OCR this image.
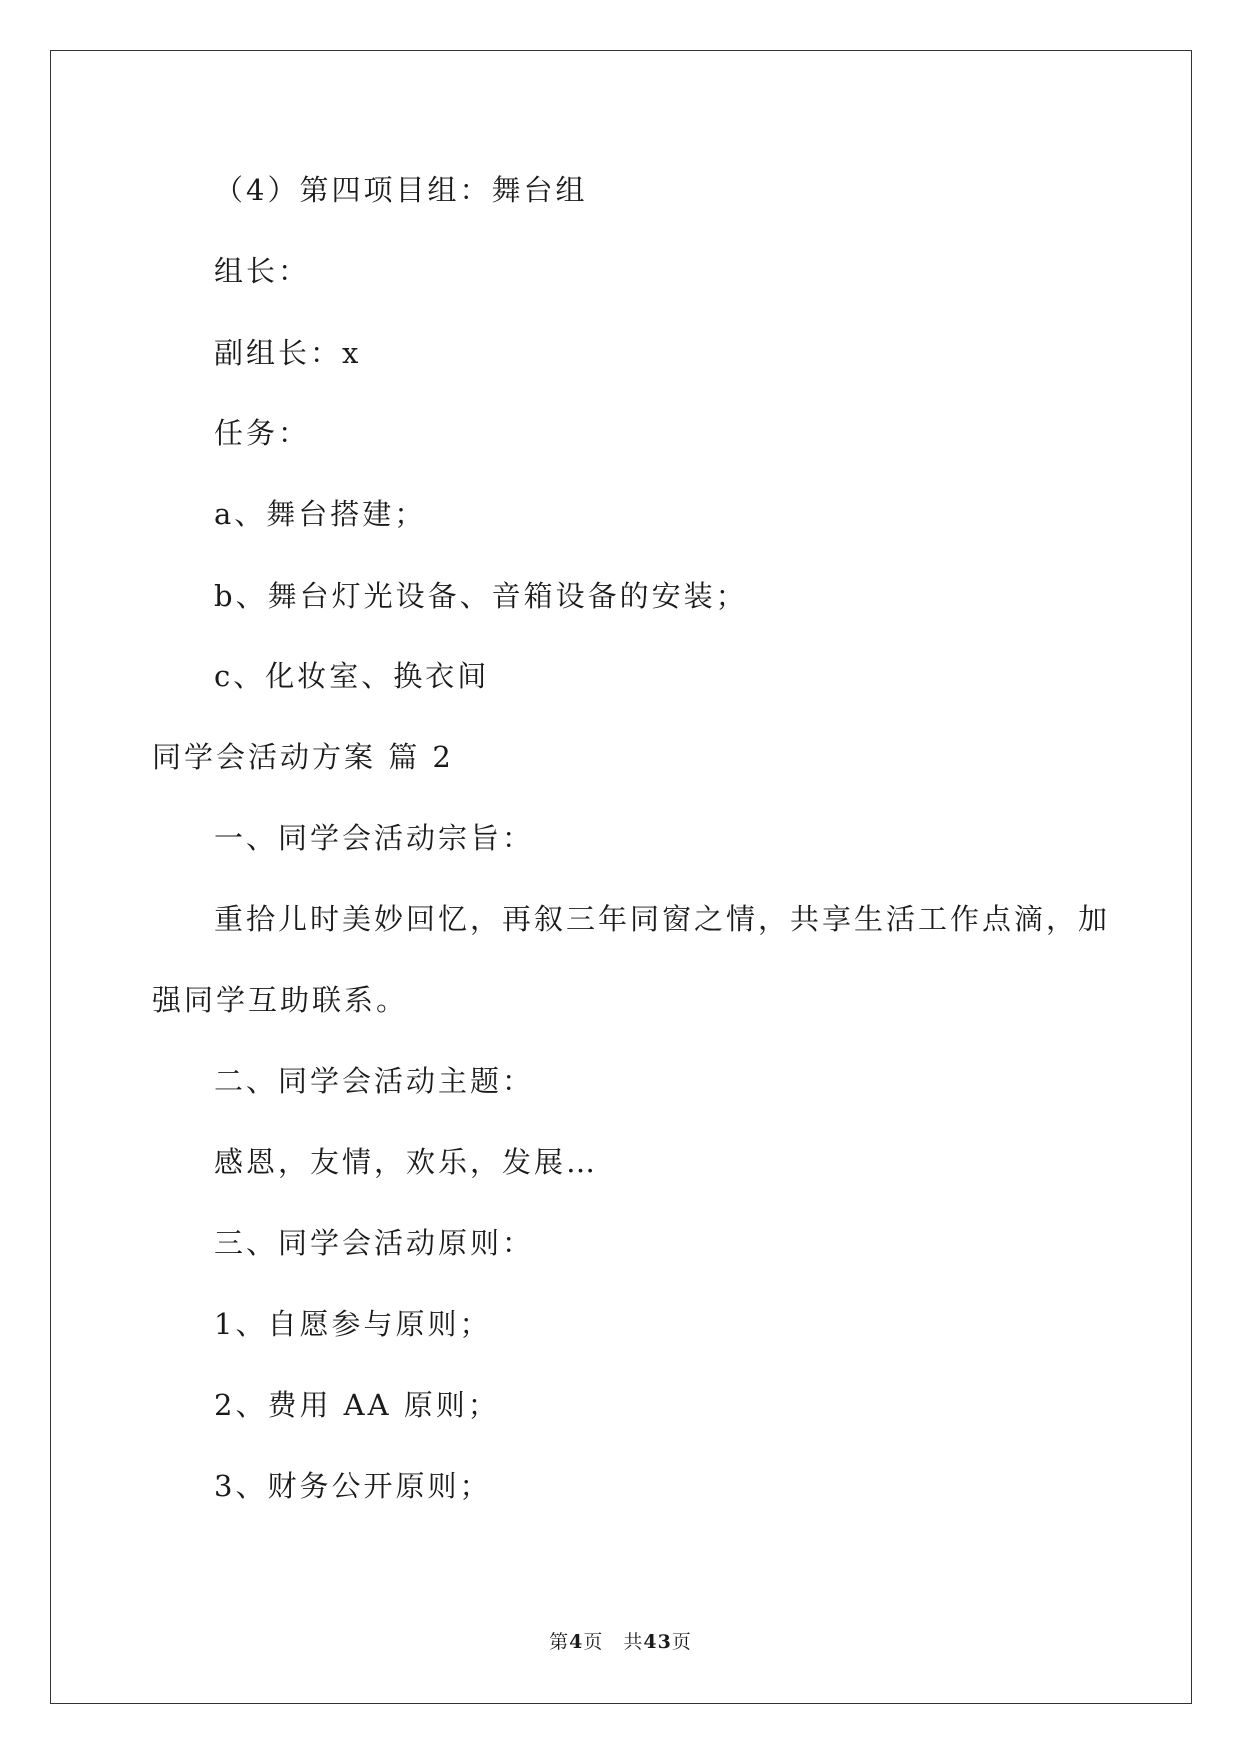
（4）第四项目组：舞台组
组长：
副组长：x
任务：
a、舞台搭建；
b、舞台灯光设备、音箱设备的安装；
c、化妆室、换衣间
同学会活动方案 篇 2
一、同学会活动宗旨：
重拾儿时美妙回忆，再叙三年同窗之情，共享生活工作点滴，加
强同学互助联系。
二、同学会活动主题：
感恩，友情，欢乐，发展…
三、同学会活动原则：
1、自愿参与原则；
2、费用 AA 原则；
3、财务公开原则；
第4页　共43页
